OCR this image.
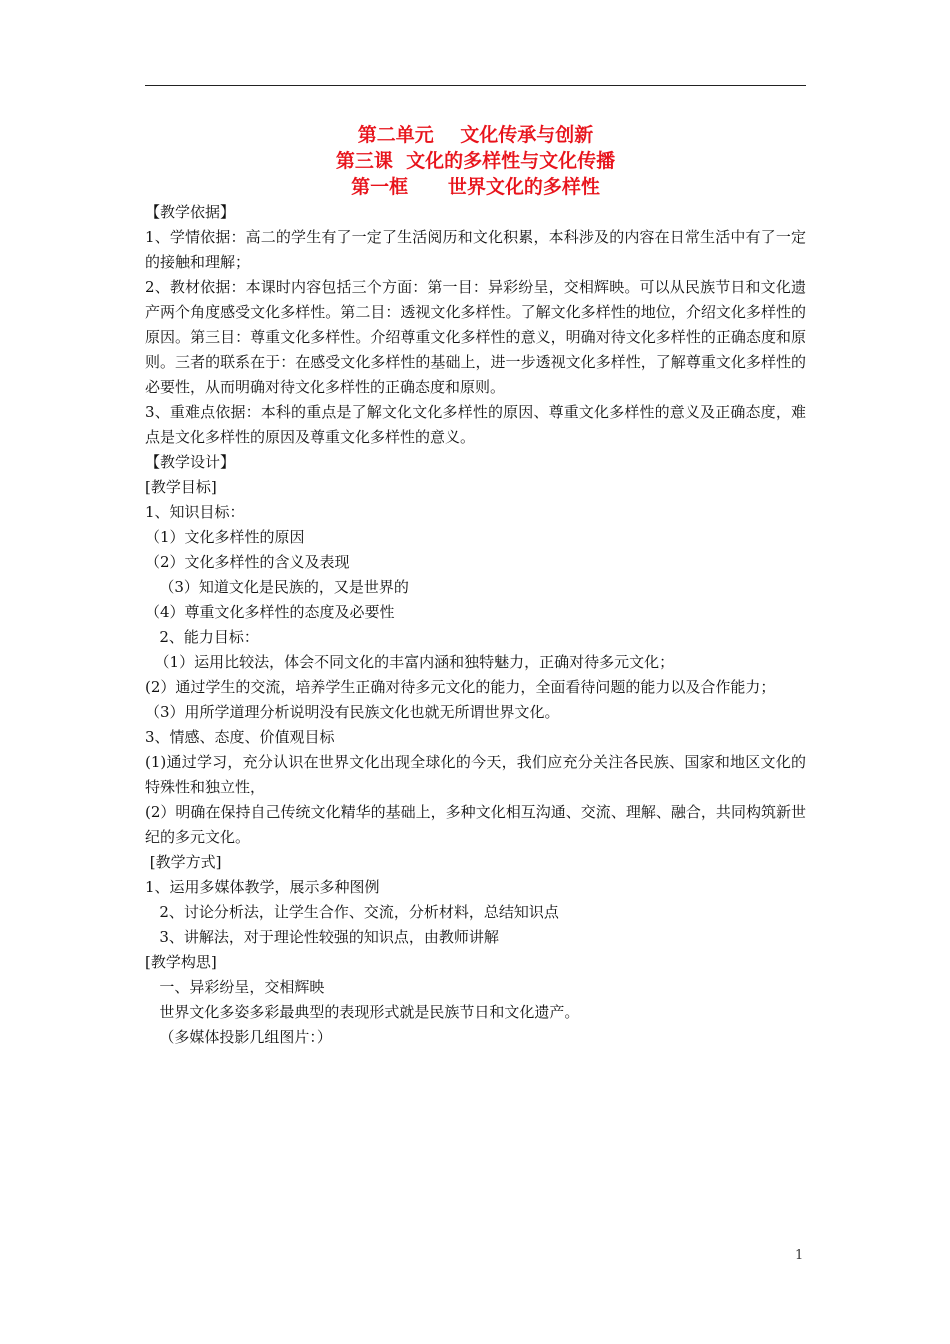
第二单元    文化传承与创新
第三课  文化的多样性与文化传播
第一框      世界文化的多样性
【教学依据】
1、学情依据：高二的学生有了一定了生活阅历和文化积累，本科涉及的内容在日常生活中有了一定的接触和理解；
2、教材依据：本课时内容包括三个方面：第一目：异彩纷呈，交相辉映。可以从民族节日和文化遗产两个角度感受文化多样性。第二目：透视文化多样性。了解文化多样性的地位，介绍文化多样性的原因。第三目：尊重文化多样性。介绍尊重文化多样性的意义，明确对待文化多样性的正确态度和原则。三者的联系在于：在感受文化多样性的基础上，进一步透视文化多样性，了解尊重文化多样性的必要性，从而明确对待文化多样性的正确态度和原则。
3、重难点依据：本科的重点是了解文化文化多样性的原因、尊重文化多样性的意义及正确态度，难点是文化多样性的原因及尊重文化多样性的意义。
【教学设计】
[教学目标]
1、知识目标：
（1）文化多样性的原因
（2）文化多样性的含义及表现
（3）知道文化是民族的，又是世界的
（4）尊重文化多样性的态度及必要性
2、能力目标：
（1）运用比较法，体会不同文化的丰富内涵和独特魅力，正确对待多元文化；
(2）通过学生的交流，培养学生正确对待多元文化的能力，全面看待问题的能力以及合作能力；
（3）用所学道理分析说明没有民族文化也就无所谓世界文化。
3、情感、态度、价值观目标
(1)通过学习，充分认识在世界文化出现全球化的今天，我们应充分关注各民族、国家和地区文化的特殊性和独立性，
(2）明确在保持自己传统文化精华的基础上，多种文化相互沟通、交流、理解、融合，共同构筑新世纪的多元文化。
[教学方式]
1、运用多媒体教学，展示多种图例
2、讨论分析法，让学生合作、交流，分析材料，总结知识点
3、讲解法，对于理论性较强的知识点，由教师讲解
[教学构思]
一、异彩纷呈，交相辉映
世界文化多姿多彩最典型的表现形式就是民族节日和文化遗产。
（多媒体投影几组图片：）
1
